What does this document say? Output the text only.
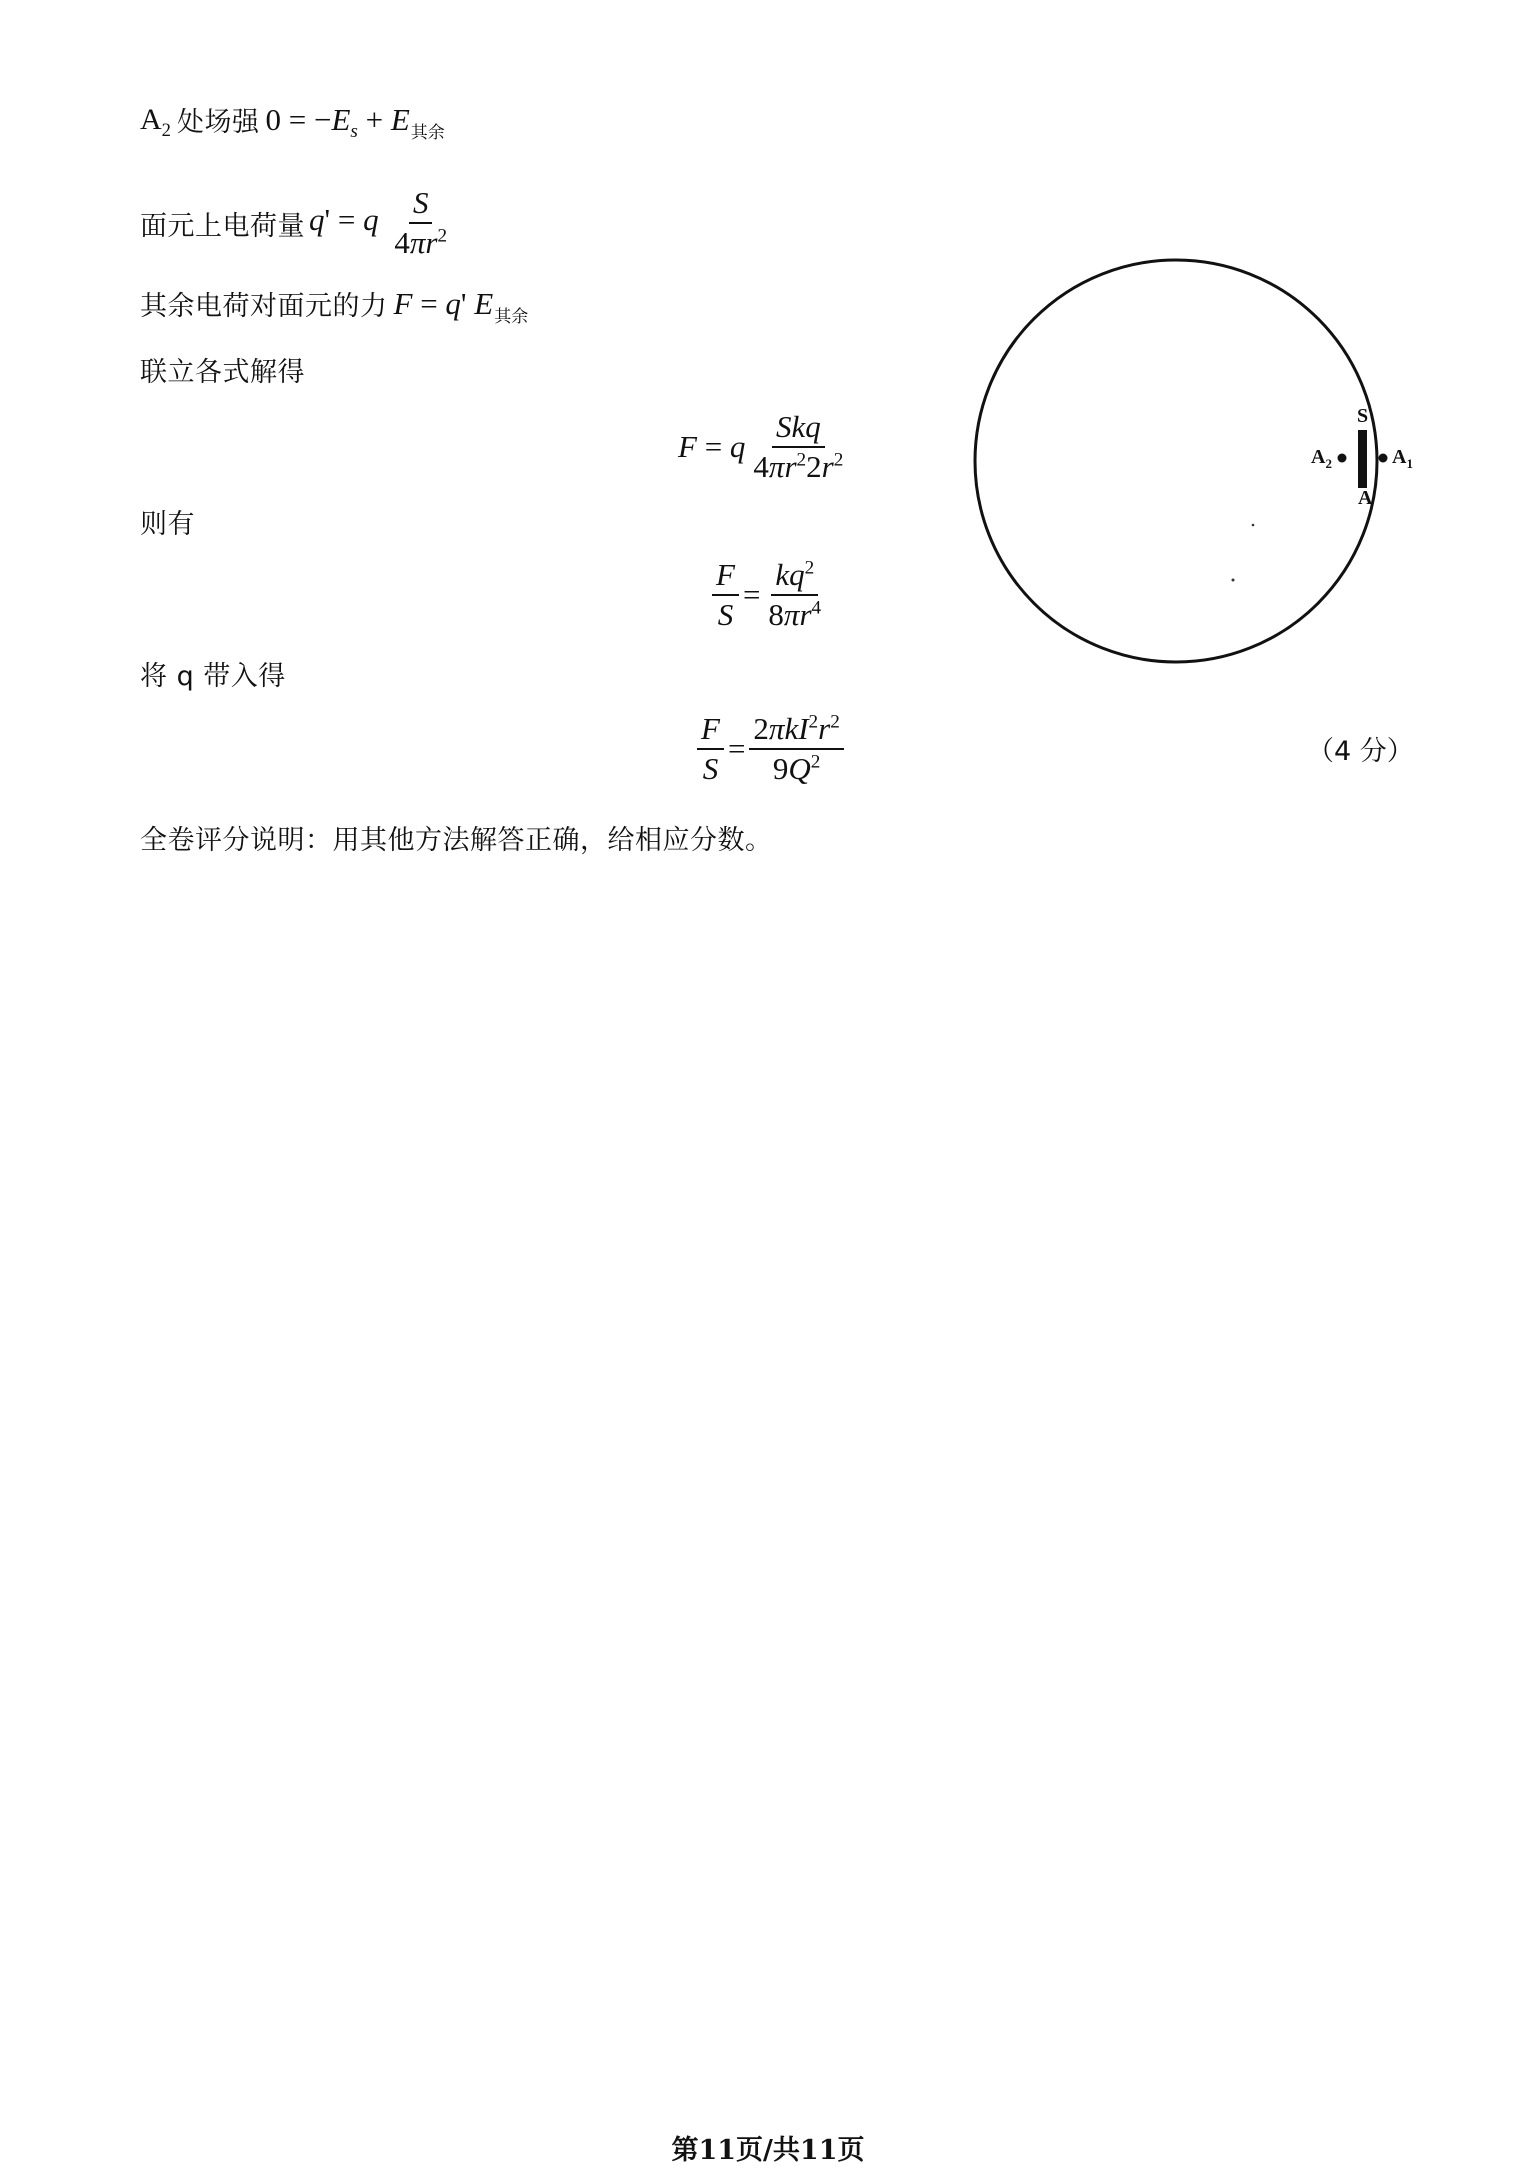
$A_2$ 处场强 $0 = -E_s + E_{其余}$
面元上电荷量 q' = q $\frac{S}{4\pi r^2}$
其余电荷对面元的力 F = q' $E_{其余}$
联立各式解得
F = q $\frac{\text{Skq}}{4\pi r^22r^2}$
则有
$\frac{F}{S} = \frac{kq^2}{8\pi r^4}$
将 q 带入得
$\frac{F}{S} = \frac{2\pi kI^2r^2}{9Q^2}$	（4 分）
全卷评分说明：用其他方法解答正确，给相应分数。
S
$A_2$	$A_1$
A
第11页/共11页
